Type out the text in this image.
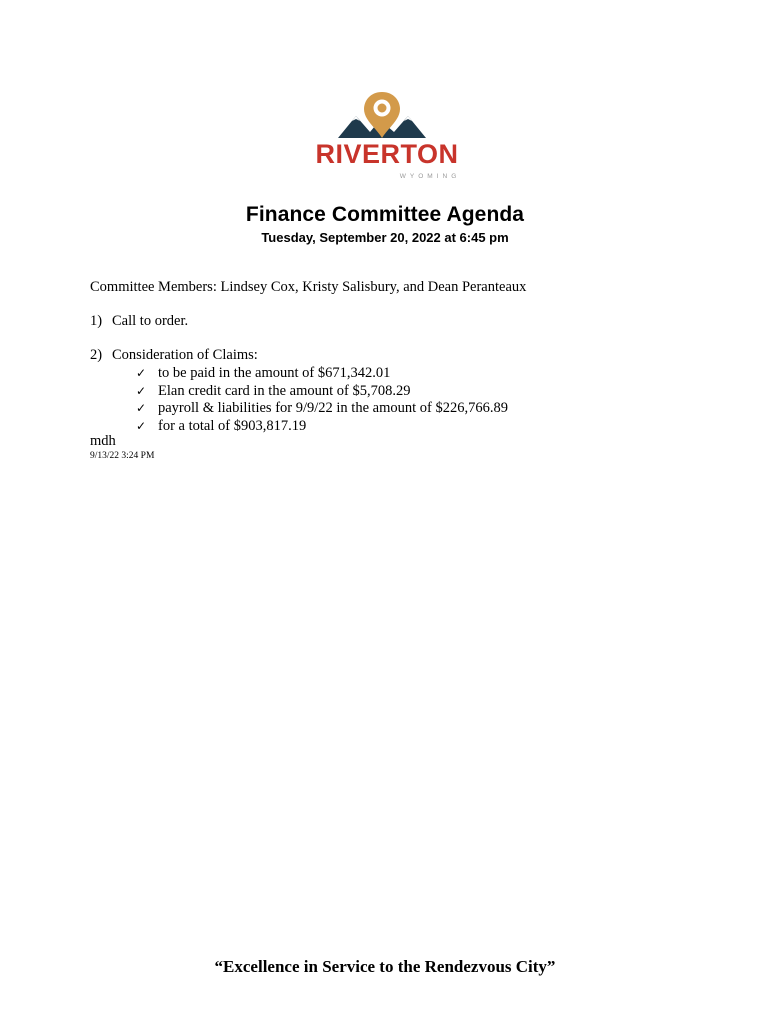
RIVERTON
WYOMING
Finance Committee Agenda
Tuesday, September 20, 2022 at 6:45 pm
Committee Members: Lindsey Cox, Kristy Salisbury, and Dean Peranteaux
1) Call to order.
2) Consideration of Claims:
✓ to be paid in the amount of $671,342.01
✓ Elan credit card in the amount of $5,708.29
✓ payroll & liabilities for 9/9/22 in the amount of $226,766.89
✓ for a total of $903,817.19
mdh
9/13/22 3:24 PM
“Excellence in Service to the Rendezvous City”
